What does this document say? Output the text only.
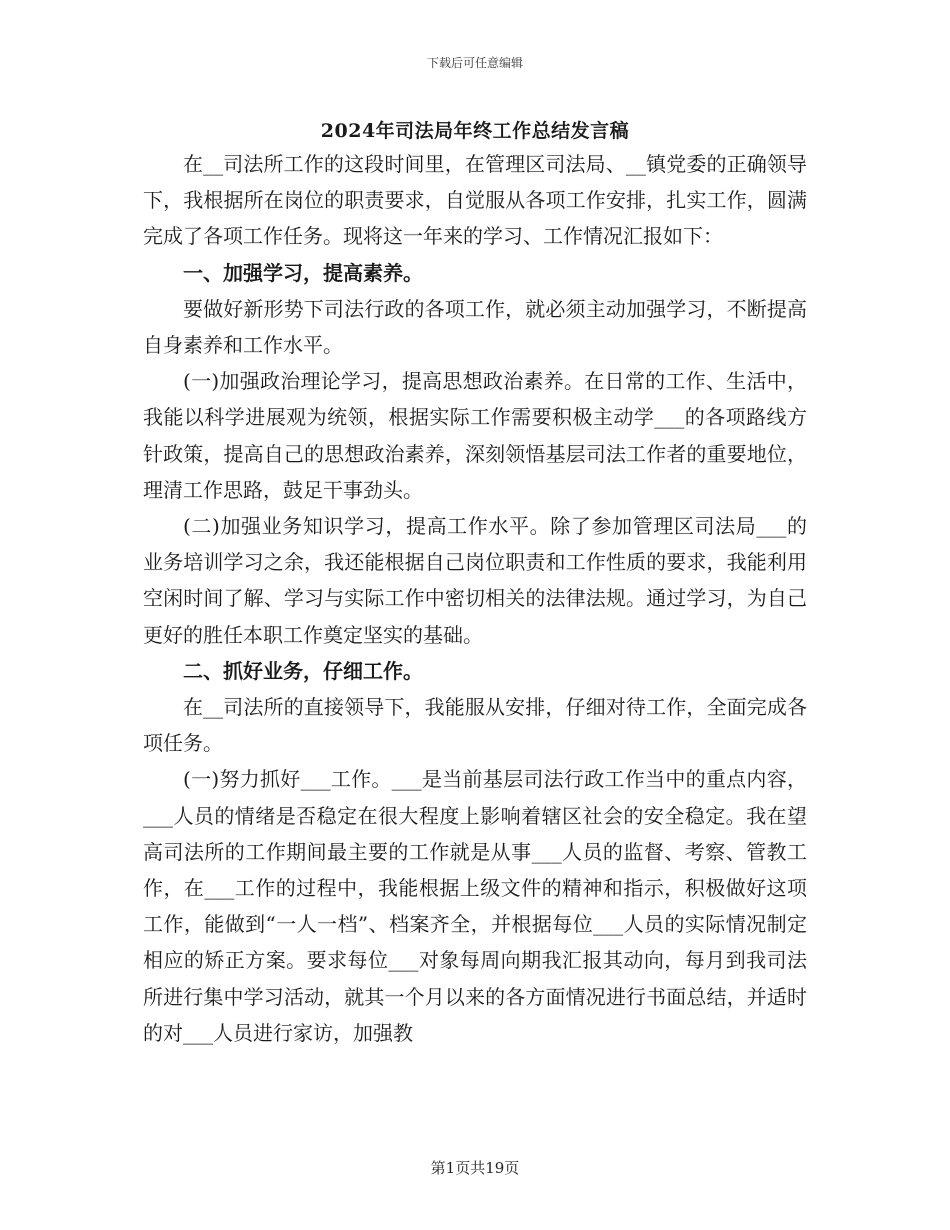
下载后可任意编辑
2024年司法局年终工作总结发言稿

在__司法所工作的这段时间里，在管理区司法局、__镇党委的正确领导下，我根据所在岗位的职责要求，自觉服从各项工作安排，扎实工作，圆满完成了各项工作任务。现将这一年来的学习、工作情况汇报如下：

一、加强学习，提高素养。

要做好新形势下司法行政的各项工作，就必须主动加强学习，不断提高自身素养和工作水平。

(一)加强政治理论学习，提高思想政治素养。在日常的工作、生活中，我能以科学进展观为统领，根据实际工作需要积极主动学___的各项路线方针政策，提高自己的思想政治素养，深刻领悟基层司法工作者的重要地位，理清工作思路，鼓足干事劲头。

(二)加强业务知识学习，提高工作水平。除了参加管理区司法局___的业务培训学习之余，我还能根据自己岗位职责和工作性质的要求，我能利用空闲时间了解、学习与实际工作中密切相关的法律法规。通过学习，为自己更好的胜任本职工作奠定坚实的基础。

二、抓好业务，仔细工作。

在__司法所的直接领导下，我能服从安排，仔细对待工作，全面完成各项任务。

(一)努力抓好___工作。___是当前基层司法行政工作当中的重点内容，___人员的情绪是否稳定在很大程度上影响着辖区社会的安全稳定。我在望高司法所的工作期间最主要的工作就是从事___人员的监督、考察、管教工作，在___工作的过程中，我能根据上级文件的精神和指示，积极做好这项工作，能做到“一人一档”、档案齐全，并根据每位___人员的实际情况制定相应的矫正方案。要求每位___对象每周向期我汇报其动向，每月到我司法所进行集中学习活动，就其一个月以来的各方面情况进行书面总结，并适时的对___人员进行家访，加强教

第1页共19页
